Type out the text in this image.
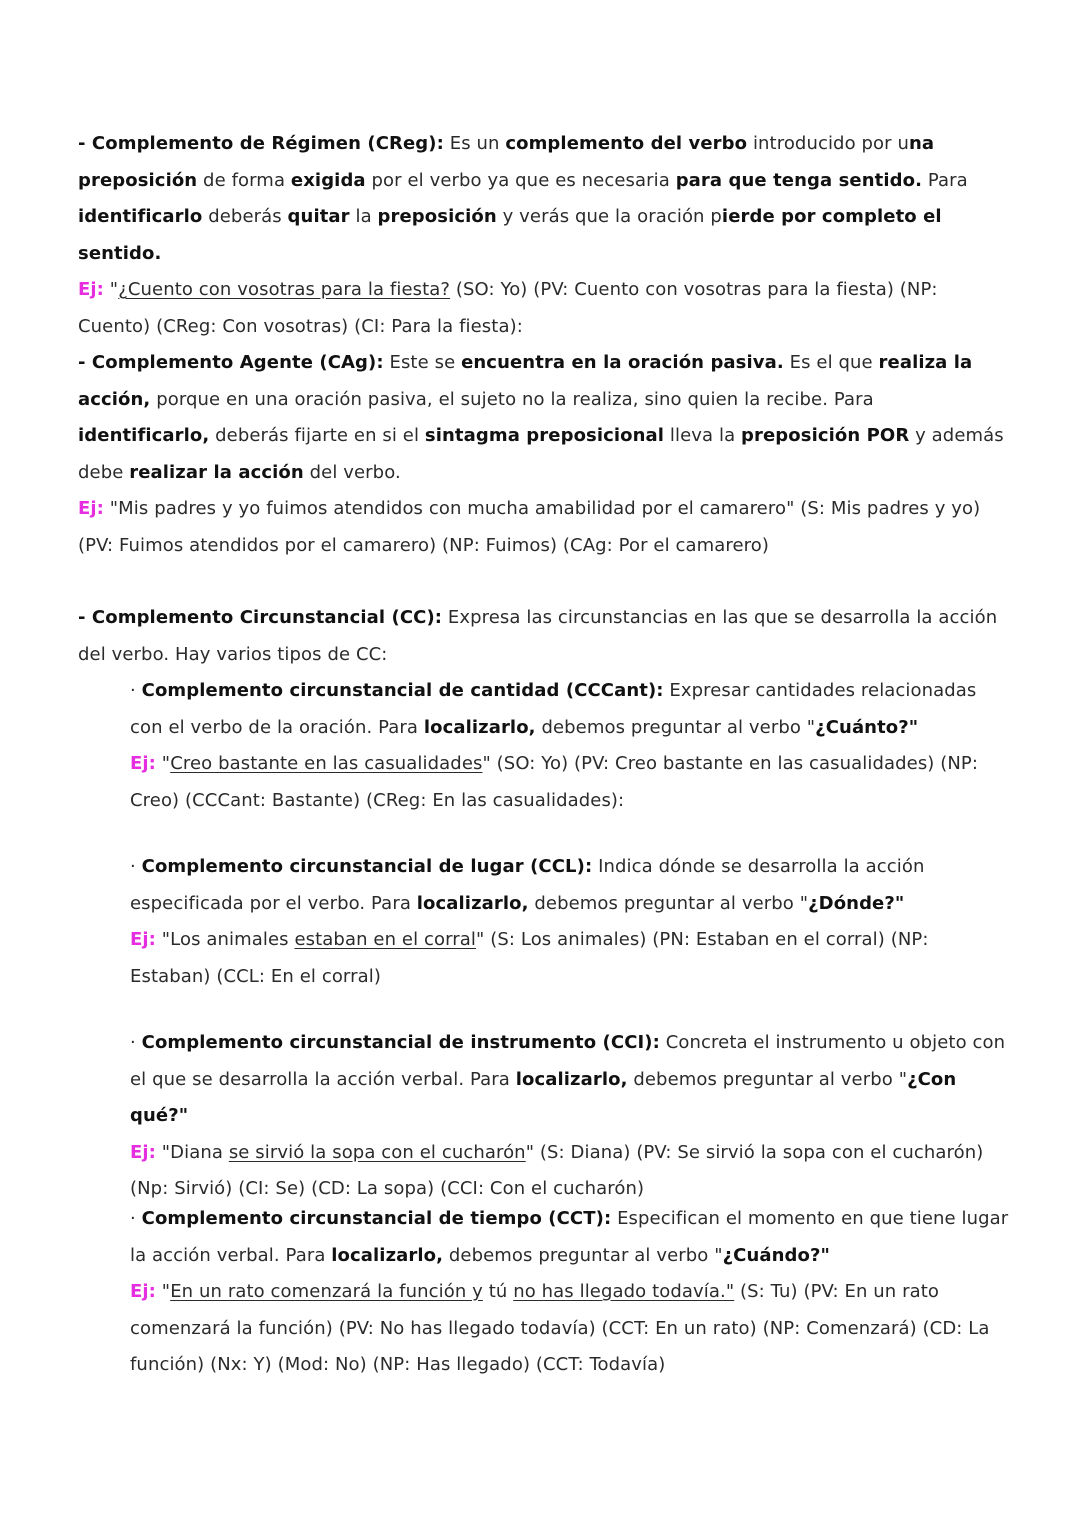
- Complemento de Régimen (CReg): Es un complemento del verbo introducido por una preposición de forma exigida por el verbo ya que es necesaria para que tenga sentido. Para identificarlo deberás quitar la preposición y verás que la oración pierde por completo el sentido.
Ej: "¿Cuento con vosotras para la fiesta? (SO: Yo) (PV: Cuento con vosotras para la fiesta) (NP: Cuento) (CReg: Con vosotras) (CI: Para la fiesta):
- Complemento Agente (CAg): Este se encuentra en la oración pasiva. Es el que realiza la acción, porque en una oración pasiva, el sujeto no la realiza, sino quien la recibe. Para identificarlo, deberás fijarte en si el sintagma preposicional lleva la preposición POR y además debe realizar la acción del verbo.
Ej: "Mis padres y yo fuimos atendidos con mucha amabilidad por el camarero" (S: Mis padres y yo) (PV: Fuimos atendidos por el camarero) (NP: Fuimos) (CAg: Por el camarero)
- Complemento Circunstancial (CC): Expresa las circunstancias en las que se desarrolla la acción del verbo. Hay varios tipos de CC:
· Complemento circunstancial de cantidad (CCCant): Expresar cantidades relacionadas con el verbo de la oración. Para localizarlo, debemos preguntar al verbo "¿Cuánto?"
Ej: "Creo bastante en las casualidades" (SO: Yo) (PV: Creo bastante en las casualidades) (NP: Creo) (CCCant: Bastante) (CReg: En las casualidades):
· Complemento circunstancial de lugar (CCL): Indica dónde se desarrolla la acción especificada por el verbo. Para localizarlo, debemos preguntar al verbo "¿Dónde?"
Ej: "Los animales estaban en el corral" (S: Los animales) (PN: Estaban en el corral) (NP: Estaban) (CCL: En el corral)
· Complemento circunstancial de instrumento (CCI): Concreta el instrumento u objeto con el que se desarrolla la acción verbal. Para localizarlo, debemos preguntar al verbo "¿Con qué?"
Ej: "Diana se sirvió la sopa con el cucharón" (S: Diana) (PV: Se sirvió la sopa con el cucharón) (Np: Sirvió) (CI: Se) (CD: La sopa) (CCI: Con el cucharón)
· Complemento circunstancial de tiempo (CCT): Especifican el momento en que tiene lugar la acción verbal. Para localizarlo, debemos preguntar al verbo "¿Cuándo?"
Ej: "En un rato comenzará la función y tú no has llegado todavía." (S: Tu) (PV: En un rato comenzará la función) (PV: No has llegado todavía) (CCT: En un rato) (NP: Comenzará) (CD: La función) (Nx: Y) (Mod: No) (NP: Has llegado) (CCT: Todavía)
